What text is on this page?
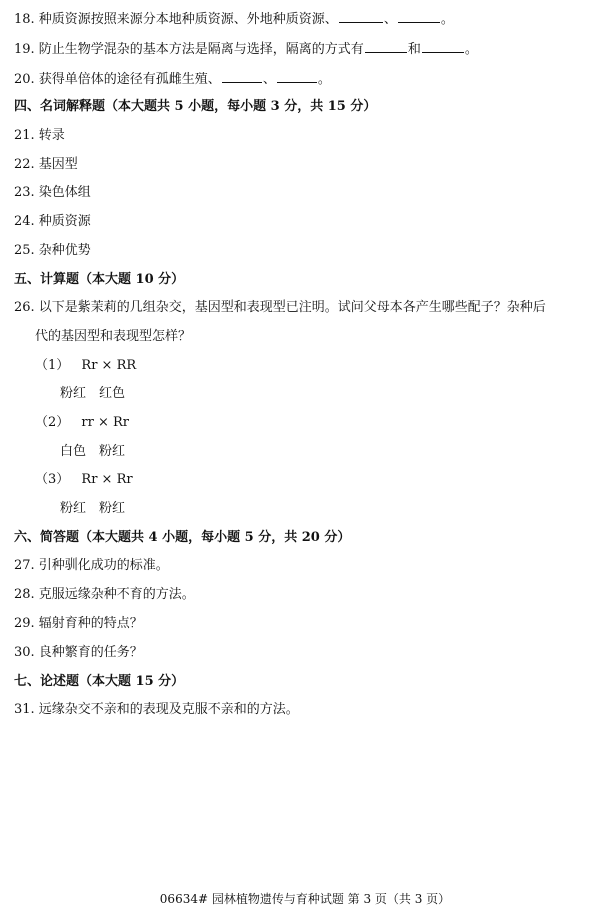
18. 种质资源按照来源分本地种质资源、外地种质资源、	、	。
19. 防止生物学混杂的基本方法是隔离与选择，隔离的方式有	和	。
20. 获得单倍体的途径有孤雌生殖、	、	。
四、名词解释题（本大题共 5 小题，每小题 3 分，共 15 分）
21. 转录
22. 基因型
23. 染色体组
24. 种质资源
25. 杂种优势
五、计算题（本大题 10 分）
26. 以下是紫茉莉的几组杂交，基因型和表现型已注明。试问父母本各产生哪些配子？杂种后
代的基因型和表现型怎样？
（1） Rr × RR
粉红　红色
（2） rr × Rr
白色　粉红
（3） Rr × Rr
粉红　粉红
六、简答题（本大题共 4 小题，每小题 5 分，共 20 分）
27. 引种驯化成功的标准。
28. 克服远缘杂种不育的方法。
29. 辐射育种的特点？
30. 良种繁育的任务？
七、论述题（本大题 15 分）
31. 远缘杂交不亲和的表现及克服不亲和的方法。
06634# 园林植物遗传与育种试题 第 3 页（共 3 页）
